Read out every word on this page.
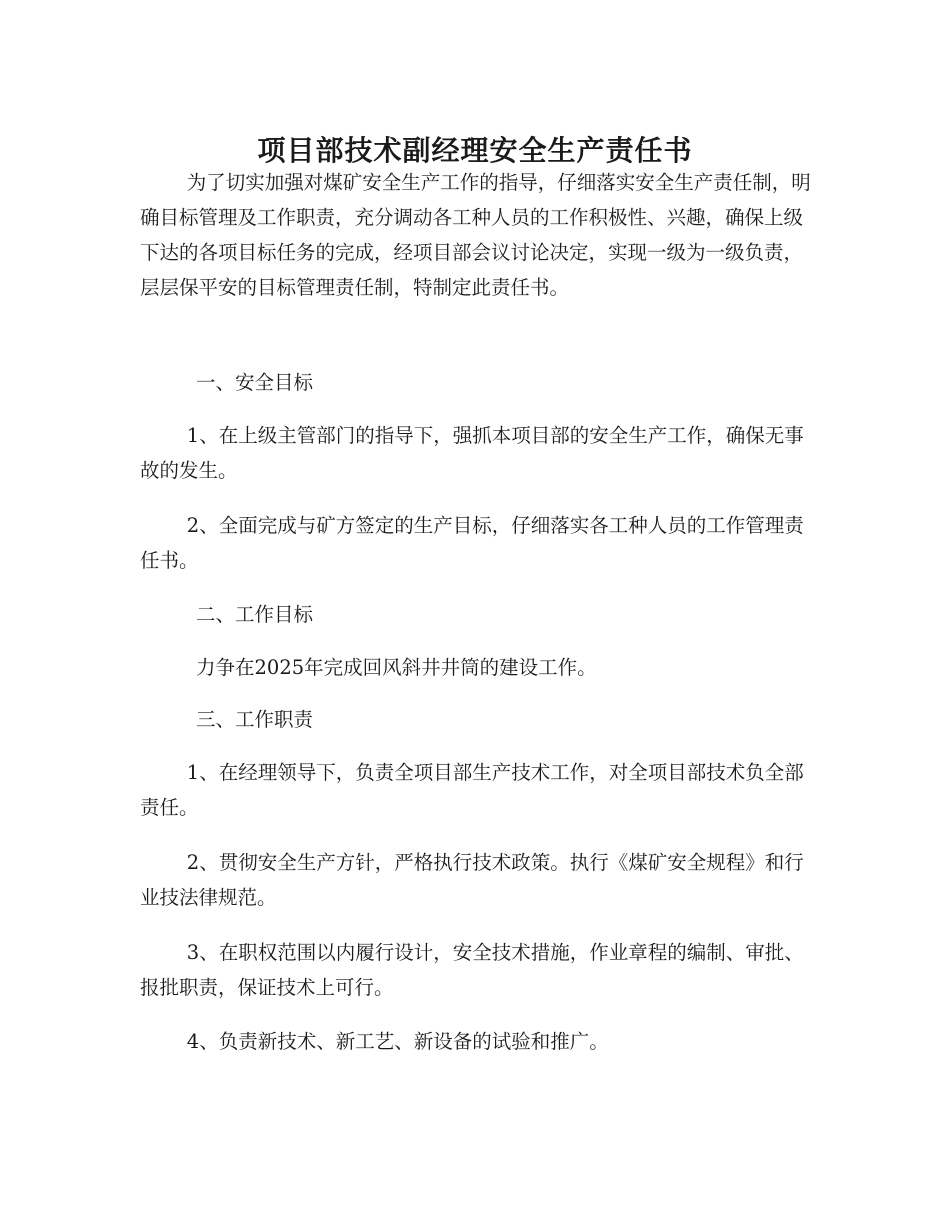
项目部技术副经理安全生产责任书

为了切实加强对煤矿安全生产工作的指导，仔细落实安全生产责任制，明确目标管理及工作职责，充分调动各工种人员的工作积极性、兴趣，确保上级下达的各项目标任务的完成，经项目部会议讨论决定，实现一级为一级负责，层层保平安的目标管理责任制，特制定此责任书。

一、安全目标

1、在上级主管部门的指导下，强抓本项目部的安全生产工作，确保无事故的发生。

2、全面完成与矿方签定的生产目标，仔细落实各工种人员的工作管理责任书。

二、工作目标

力争在2025年完成回风斜井井筒的建设工作。

三、工作职责

1、在经理领导下，负责全项目部生产技术工作，对全项目部技术负全部责任。

2、贯彻安全生产方针，严格执行技术政策。执行《煤矿安全规程》和行业技法律规范。

3、在职权范围以内履行设计，安全技术措施，作业章程的编制、审批、报批职责，保证技术上可行。

4、负责新技术、新工艺、新设备的试验和推广。
